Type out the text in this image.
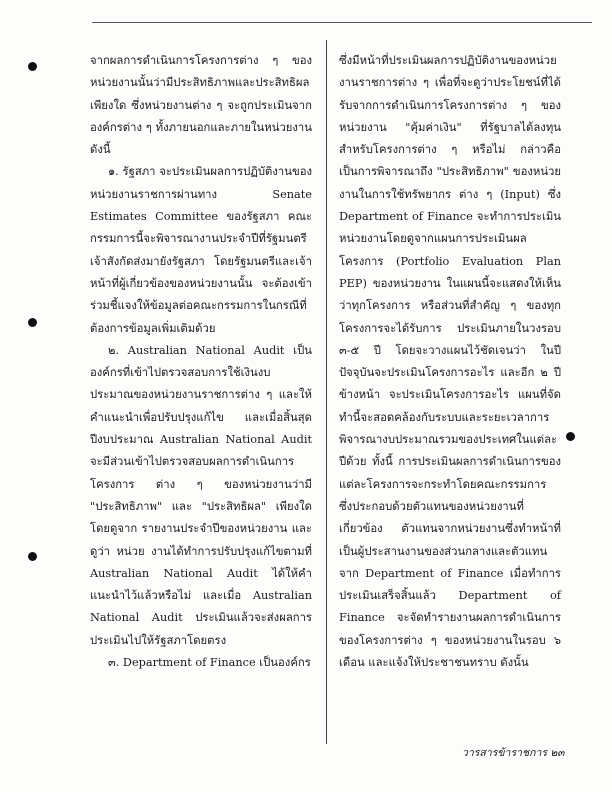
จากผลการดำเนินการโครงการต่าง ๆ ของหน่วยงานนั้นว่ามีประสิทธิภาพและประสิทธิผลเพียงใด ซึ่งหน่วยงานต่าง ๆ จะถูกประเมินจากองค์กรต่าง ๆ ทั้งภายนอกและภายในหน่วยงาน ดังนี้

๑. รัฐสภา จะประเมินผลการปฏิบัติงานของหน่วยงานราชการผ่านทาง Senate Estimates Committee ของรัฐสภา คณะกรรมการนี้จะพิจารณางานประจำปีที่รัฐมนตรีเจ้าสังกัดส่งมายังรัฐสภา โดยรัฐมนตรีและเจ้าหน้าที่ผู้เกี่ยวข้องของหน่วยงานนั้น จะต้องเข้าร่วมชี้แจงให้ข้อมูลต่อคณะกรรมการในกรณีที่ต้องการข้อมูลเพิ่มเติมด้วย

๒. Australian National Audit เป็นองค์กรที่เข้าไปตรวจสอบการใช้เงินงบประมาณของหน่วยงานราชการต่าง ๆ และให้คำแนะนำเพื่อปรับปรุงแก้ไข และเมื่อสิ้นสุดปีงบประมาณ Australian National Audit จะมีส่วนเข้าไปตรวจสอบผลการดำเนินการโครงการ ต่าง ๆ ของหน่วยงานว่ามี "ประสิทธิภาพ" และ "ประสิทธิผล" เพียงใด โดยดูจาก รายงานประจำปีของหน่วยงาน และดูว่า หน่วย งานได้ทำการปรับปรุงแก้ไขตามที่ Australian National Audit ได้ให้คำแนะนำไว้แล้วหรือไม่ และเมื่อ Australian National Audit ประเมินแล้วจะส่งผลการประเมินไปให้รัฐสภาโดยตรง

๓. Department of Finance เป็นองค์กร

ซึ่งมีหน้าที่ประเมินผลการปฏิบัติงานของหน่วยงานราชการต่าง ๆ เพื่อที่จะดูว่าประโยชน์ที่ได้รับจากการดำเนินการโครงการต่าง ๆ ของหน่วยงาน "คุ้มค่าเงิน" ที่รัฐบาลได้ลงทุนสำหรับโครงการต่าง ๆ หรือไม่ กล่าวคือ เป็นการพิจารณาถึง "ประสิทธิภาพ" ของหน่วยงานในการใช้ทรัพยากร ต่าง ๆ (Input) ซึ่ง Department of Finance จะทำการประเมินหน่วยงานโดยดูจากแผนการประเมินผลโครงการ (Portfolio Evaluation Plan PEP) ของหน่วยงาน ในแผนนี้จะแสดงให้เห็นว่าทุกโครงการ หรือส่วนที่สำคัญ ๆ ของทุกโครงการจะได้รับการ ประเมินภายในวงรอบ ๓-๕ ปี โดยจะวางแผนไว้ชัดเจนว่า ในปีปัจจุบันจะประเมินโครงการอะไร และอีก ๒ ปีข้างหน้า จะประเมินโครงการอะไร แผนที่จัดทำนี้จะสอดคล้องกับระบบและระยะเวลาการพิจารณางบประมาณรวมของประเทศในแต่ละปีด้วย ทั้งนี้ การประเมินผลการดำเนินการของแต่ละโครงการจะกระทำโดยคณะกรรมการ ซึ่งประกอบด้วยตัวแทนของหน่วยงานที่เกี่ยวข้อง ตัวแทนจากหน่วยงานซึ่งทำหน้าที่เป็นผู้ประสานงานของส่วนกลางและตัวแทนจาก Department of Finance เมื่อทำการประเมินเสร็จสิ้นแล้ว Department of Finance จะจัดทำรายงานผลการดำเนินการของโครงการต่าง ๆ ของหน่วยงานในรอบ ๖ เดือน และแจ้งให้ประชาชนทราบ ดังนั้น

วารสารข้าราชการ ๒๓
